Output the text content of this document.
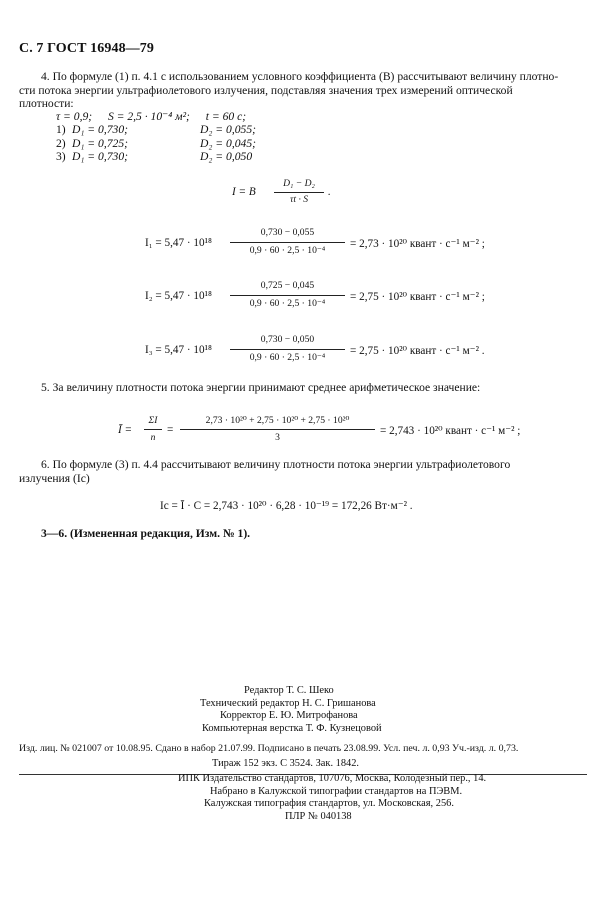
С. 7 ГОСТ 16948—79
4. По формуле (1) п. 4.1 с использованием условного коэффициента (B) рассчитывают величину плотно-
сти потока энергии ультрафиолетового излучения, подставляя значения трех измерений оптической
плотности:
τ = 0,9; S = 2,5 · 10⁻⁴ м²; t = 60 c;
1) D₁ = 0,730;	D₂ = 0,055;
2) D₁ = 0,725;	D₂ = 0,045;
3) D₁ = 0,730;	D₂ = 0,050
I = B
D₁ − D₂
τt · S
.
I₁ = 5,47 · 10¹⁸
0,730 − 0,055
0,9 · 60 · 2,5 · 10⁻⁴
= 2,73 · 10²⁰ квант · с⁻¹ м⁻² ;
I₂ = 5,47 · 10¹⁸
0,725 − 0,045
0,9 · 60 · 2,5 · 10⁻⁴
= 2,75 · 10²⁰ квант · с⁻¹ м⁻² ;
I₃ = 5,47 · 10¹⁸
0,730 − 0,050
0,9 · 60 · 2,5 · 10⁻⁴
= 2,75 · 10²⁰ квант · с⁻¹ м⁻² .
5. За величину плотности потока энергии принимают среднее арифметическое значение:
Ī =
ΣI
n
=
2,73 · 10²⁰ + 2,75 · 10²⁰ + 2,75 · 10²⁰
3
= 2,743 · 10²⁰ квант · с⁻¹ м⁻² ;
6. По формуле (3) п. 4.4 рассчитывают величину плотности потока энергии ультрафиолетового
излучения (Iс)
Iс = Ī · C = 2,743 · 10²⁰ · 6,28 · 10⁻¹⁹ = 172,26 Вт·м⁻² .
3—6. (Измененная редакция, Изм. № 1).
Редактор Т. С. Шеко
Технический редактор Н. С. Гришанова
Корректор Е. Ю. Митрофанова
Компьютерная верстка Т. Ф. Кузнецовой
Изд. лиц. № 021007 от 10.08.95. Сдано в набор 21.07.99. Подписано в печать 23.08.99. Усл. печ. л. 0,93 Уч.-изд. л. 0,73.
Тираж 152 экз. С 3524. Зак. 1842.
ИПК Издательство стандартов, 107076, Москва, Колодезный пер., 14.
Набрано в Калужской типографии стандартов на ПЭВМ.
Калужская типография стандартов, ул. Московская, 256.
ПЛР № 040138
